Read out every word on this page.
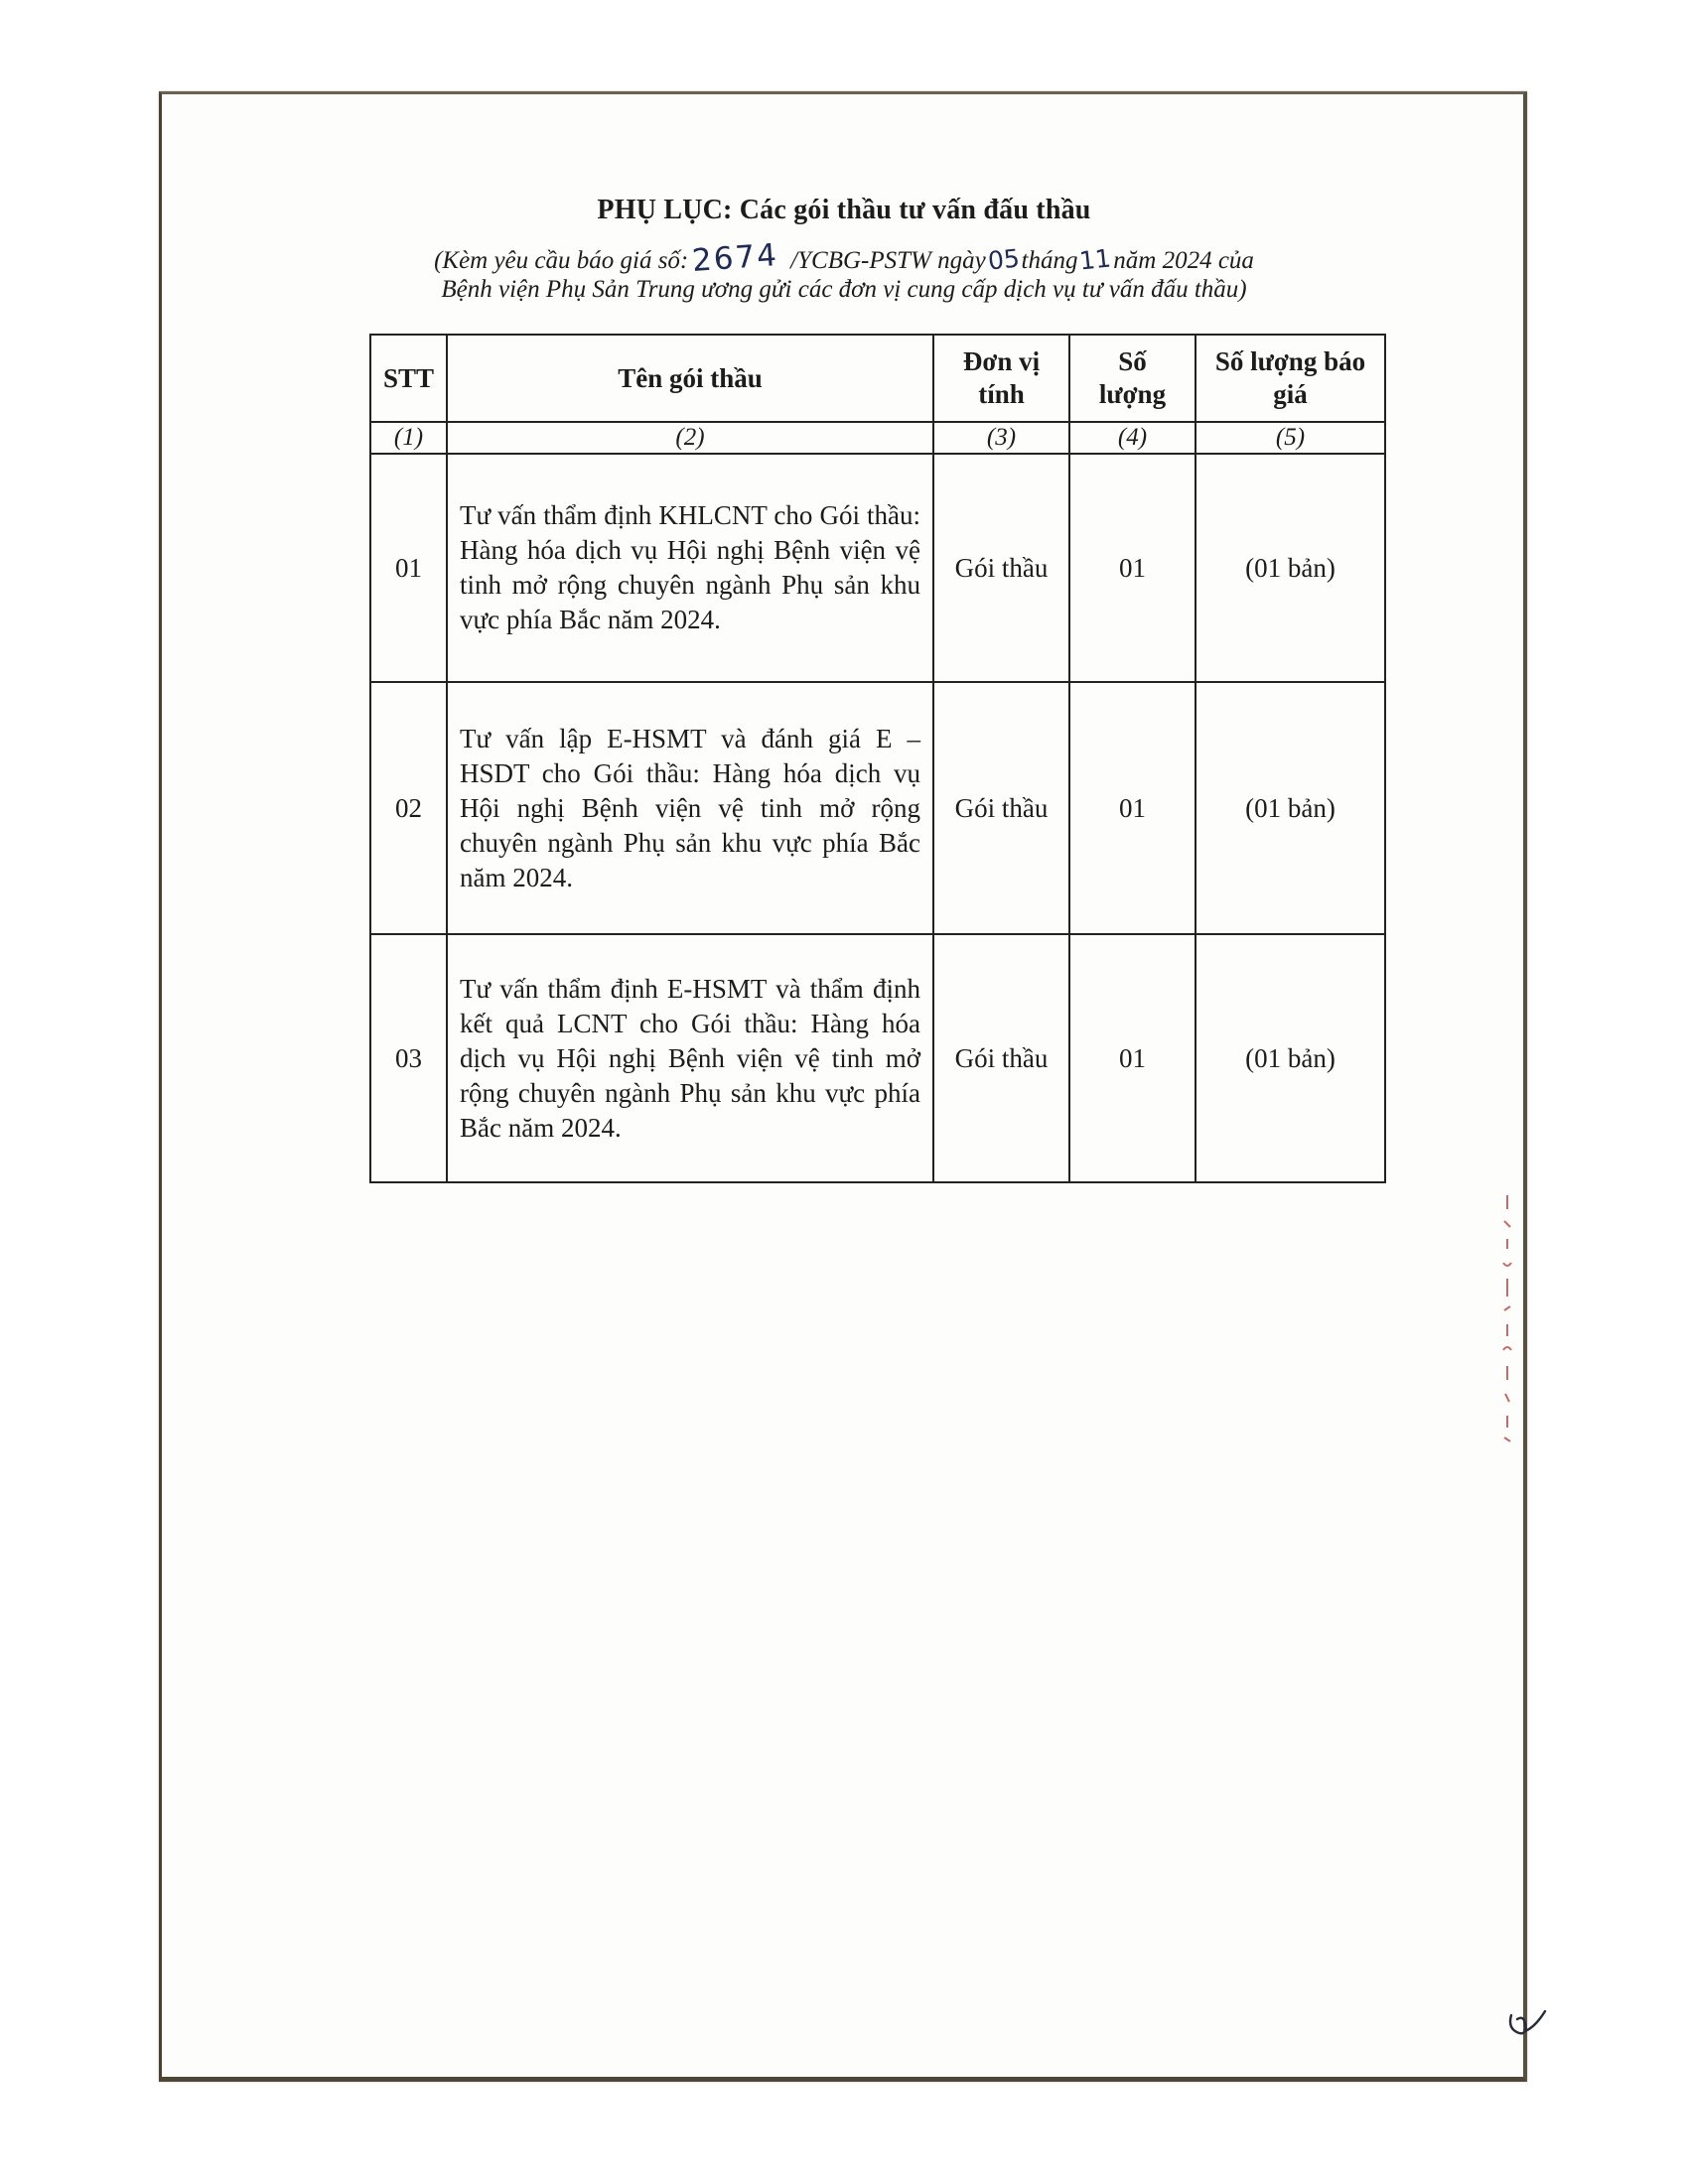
PHỤ LỤC: Các gói thầu tư vấn đấu thầu
(Kèm yêu cầu báo giá số:2674 /YCBG-PSTW ngày05tháng11năm 2024 của
Bệnh viện Phụ Sản Trung ương gửi các đơn vị cung cấp dịch vụ tư vấn đấu thầu)
STT	Tên gói thầu	Đơn vị tính	Số lượng	Số lượng báo giá
(1)	(2)	(3)	(4)	(5)
01	Tư vấn thẩm định KHLCNT cho Gói thầu: Hàng hóa dịch vụ Hội nghị Bệnh viện vệ tinh mở rộng chuyên ngành Phụ sản khu vực phía Bắc năm 2024.	Gói thầu	01	(01 bản)
02	Tư vấn lập E-HSMT và đánh giá E – HSDT cho Gói thầu: Hàng hóa dịch vụ Hội nghị Bệnh viện vệ tinh mở rộng chuyên ngành Phụ sản khu vực phía Bắc năm 2024.	Gói thầu	01	(01 bản)
03	Tư vấn thẩm định E-HSMT và thẩm định kết quả LCNT cho Gói thầu: Hàng hóa dịch vụ Hội nghị Bệnh viện vệ tinh mở rộng chuyên ngành Phụ sản khu vực phía Bắc năm 2024.	Gói thầu	01	(01 bản)
